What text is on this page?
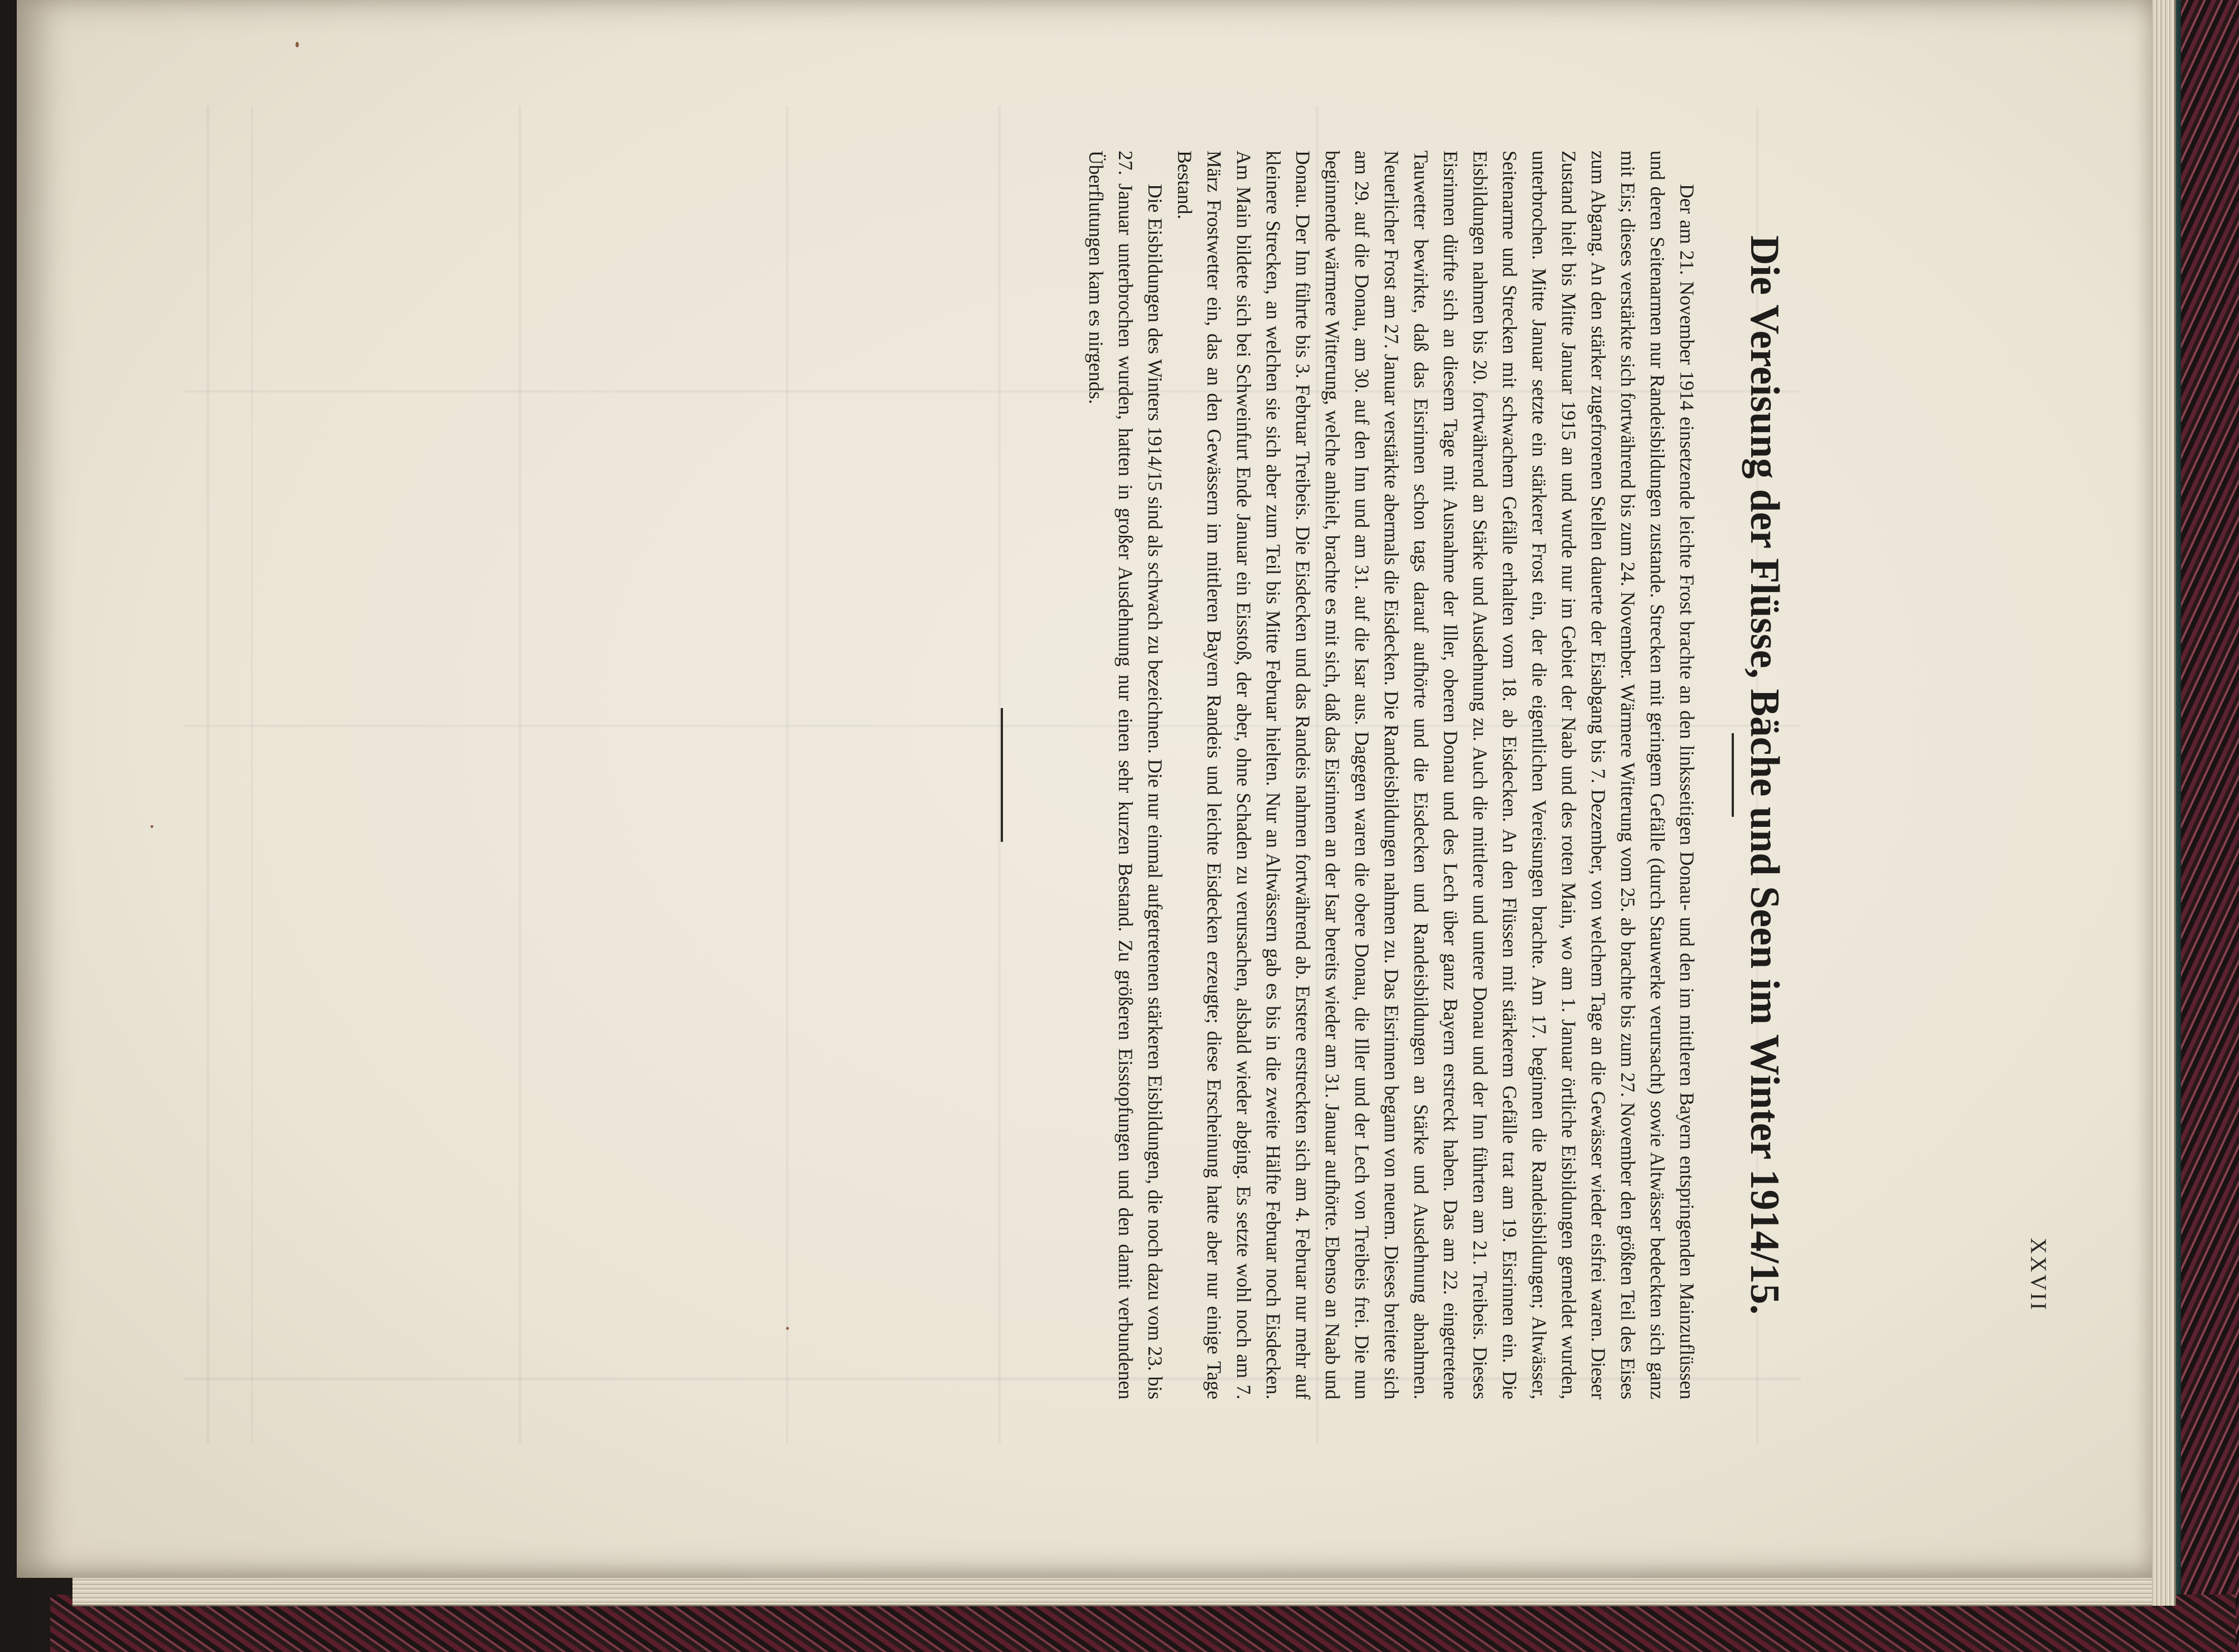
Die Vereisung der Flüsse, Bäche und Seen im Winter 1914/15.

Der am 21. November 1914 einsetzende leichte Frost brachte an den linksseitigen Donau- und den im mittleren Bayern entspringenden Mainzuflüssen und deren Seitenarmen nur Randeisbildungen zustande. Strecken mit geringem Gefälle (durch Stauwerke verursacht) sowie Altwässer bedeckten sich ganz mit Eis; dieses verstärkte sich fortwährend bis zum 24. November. Wärmere Witterung vom 25. ab brachte bis zum 27. November den größten Teil des Eises zum Abgang. An den stärker zugefrorenen Stellen dauerte der Eisabgang bis 7. Dezember, von welchem Tage an die Gewässer wieder eisfrei waren. Dieser Zustand hielt bis Mitte Januar 1915 an und wurde nur im Gebiet der Naab und des roten Main, wo am 1. Januar örtliche Eisbildungen gemeldet wurden, unterbrochen. Mitte Januar setzte ein stärkerer Frost ein, der die eigentlichen Vereisungen brachte. Am 17. beginnen die Randeisbildungen; Altwässer, Seitenarme und Strecken mit schwachem Gefälle erhalten vom 18. ab Eisdecken. An den Flüssen mit stärkerem Gefälle trat am 19. Eisrinnen ein. Die Eisbildungen nahmen bis 20. fortwährend an Stärke und Ausdehnung zu. Auch die mittlere und untere Donau und der Inn führten am 21. Treibeis. Dieses Eisrinnen dürfte sich an diesem Tage mit Ausnahme der Iller, oberen Donau und des Lech über ganz Bayern erstreckt haben. Das am 22. eingetretene Tauwetter bewirkte, daß das Eisrinnen schon tags darauf aufhörte und die Eisdecken und Randeisbildungen an Stärke und Ausdehnung abnahmen. Neuerlicher Frost am 27. Januar verstärkte abermals die Eisdecken. Die Randeisbildungen nahmen zu. Das Eisrinnen begann von neuem. Dieses breitete sich am 29. auf die Donau, am 30. auf den Inn und am 31. auf die Isar aus. Dagegen waren die obere Donau, die Iller und der Lech von Treibeis frei. Die nun beginnende wärmere Witterung, welche anhielt, brachte es mit sich, daß das Eisrinnen an der Isar bereits wieder am 31. Januar aufhörte. Ebenso an Naab und Donau. Der Inn führte bis 3. Februar Treibeis. Die Eisdecken und das Randeis nahmen fortwährend ab. Erstere erstreckten sich am 4. Februar nur mehr auf kleinere Strecken, an welchen sie sich aber zum Teil bis Mitte Februar hielten. Nur an Altwässern gab es bis in die zweite Hälfte Februar noch Eisdecken. Am Main bildete sich bei Schweinfurt Ende Januar ein Eisstoß, der aber, ohne Schaden zu verursachen, alsbald wieder abging. Es setzte wohl noch am 7. März Frostwetter ein, das an den Gewässern im mittleren Bayern Randeis und leichte Eisdecken erzeugte; diese Erscheinung hatte aber nur einige Tage Bestand.

Die Eisbildungen des Winters 1914/15 sind als schwach zu bezeichnen. Die nur einmal aufgetretenen stärkeren Eisbildungen, die noch dazu vom 23. bis 27. Januar unterbrochen wurden, hatten in großer Ausdehnung nur einen sehr kurzen Bestand. Zu größeren Eisstopfungen und den damit verbundenen Überflutungen kam es nirgends.

XXVII
